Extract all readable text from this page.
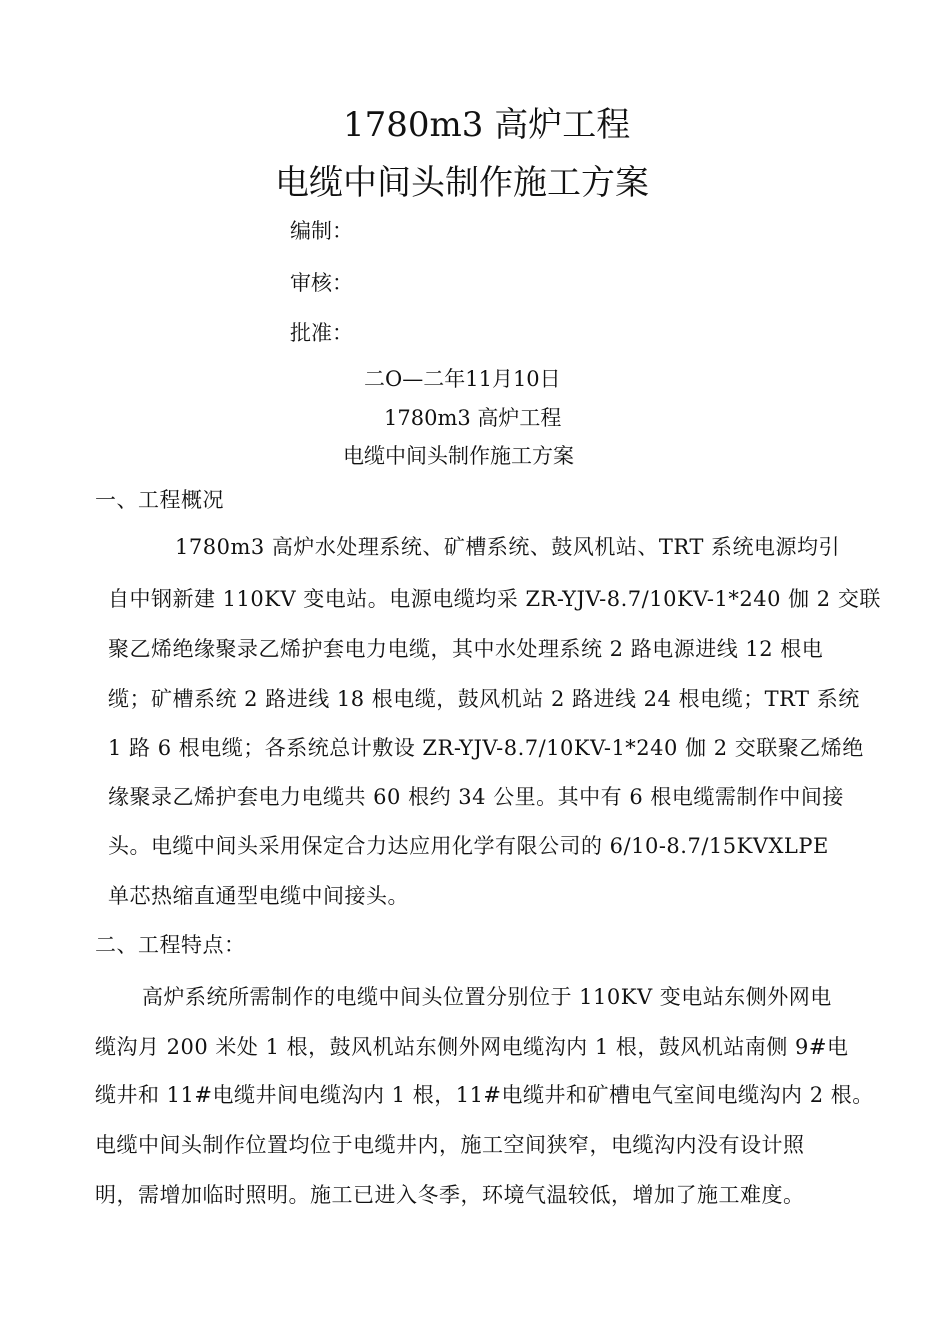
1780m3 高炉工程
电缆中间头制作施工方案
编制：
审核：
批准：
二O—二年11月10日
1780m3 高炉工程
电缆中间头制作施工方案
一、工程概况
1780m3 高炉水处理系统、矿槽系统、鼓风机站、TRT 系统电源均引
自中钢新建 110KV 变电站。电源电缆均采 ZR-YJV-8.7/10KV-1*240 伽 2 交联
聚乙烯绝缘聚录乙烯护套电力电缆，其中水处理系统 2 路电源进线 12 根电
缆；矿槽系统 2 路进线 18 根电缆，鼓风机站 2 路进线 24 根电缆；TRT 系统
1 路 6 根电缆；各系统总计敷设 ZR-YJV-8.7/10KV-1*240 伽 2 交联聚乙烯绝
缘聚录乙烯护套电力电缆共 60 根约 34 公里。其中有 6 根电缆需制作中间接
头。电缆中间头采用保定合力达应用化学有限公司的 6/10-8.7/15KVXLPE
单芯热缩直通型电缆中间接头。
二、工程特点：
高炉系统所需制作的电缆中间头位置分别位于 110KV 变电站东侧外网电
缆沟月 200 米处 1 根，鼓风机站东侧外网电缆沟内 1 根，鼓风机站南侧 9#电
缆井和 11#电缆井间电缆沟内 1 根，11#电缆井和矿槽电气室间电缆沟内 2 根。
电缆中间头制作位置均位于电缆井内，施工空间狭窄，电缆沟内没有设计照
明，需增加临时照明。施工已进入冬季，环境气温较低，增加了施工难度。
